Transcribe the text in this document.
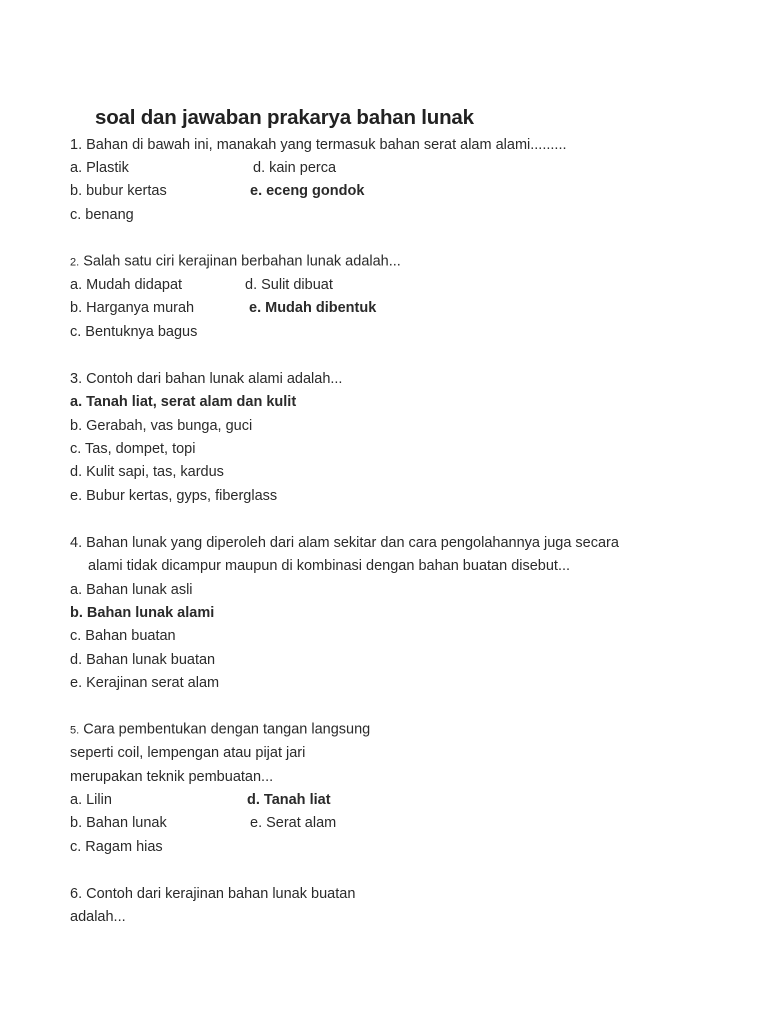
soal dan jawaban prakarya bahan lunak
1. Bahan di bawah ini, manakah yang termasuk bahan serat alam alami.........
a. Plastik	d. kain perca
b. bubur kertas	e. eceng gondok
c. benang
2. Salah satu ciri kerajinan berbahan lunak adalah...
a. Mudah didapat	d. Sulit dibuat
b. Harganya murah	e. Mudah dibentuk
c. Bentuknya bagus
3. Contoh dari bahan lunak alami adalah...
a. Tanah liat, serat alam dan kulit
b. Gerabah, vas bunga, guci
c. Tas, dompet, topi
d. Kulit sapi, tas, kardus
e. Bubur kertas, gyps, fiberglass
4. Bahan lunak yang diperoleh dari alam sekitar dan cara pengolahannya juga secara
alami tidak dicampur maupun di kombinasi dengan bahan buatan disebut...
a. Bahan lunak asli
b. Bahan lunak alami
c. Bahan buatan
d. Bahan lunak buatan
e. Kerajinan serat alam
5. Cara pembentukan dengan tangan langsung
seperti coil, lempengan atau pijat jari
merupakan teknik pembuatan...
a. Lilin	d. Tanah liat
b. Bahan lunak	e. Serat alam
c. Ragam hias
6. Contoh dari kerajinan bahan lunak buatan
adalah...
